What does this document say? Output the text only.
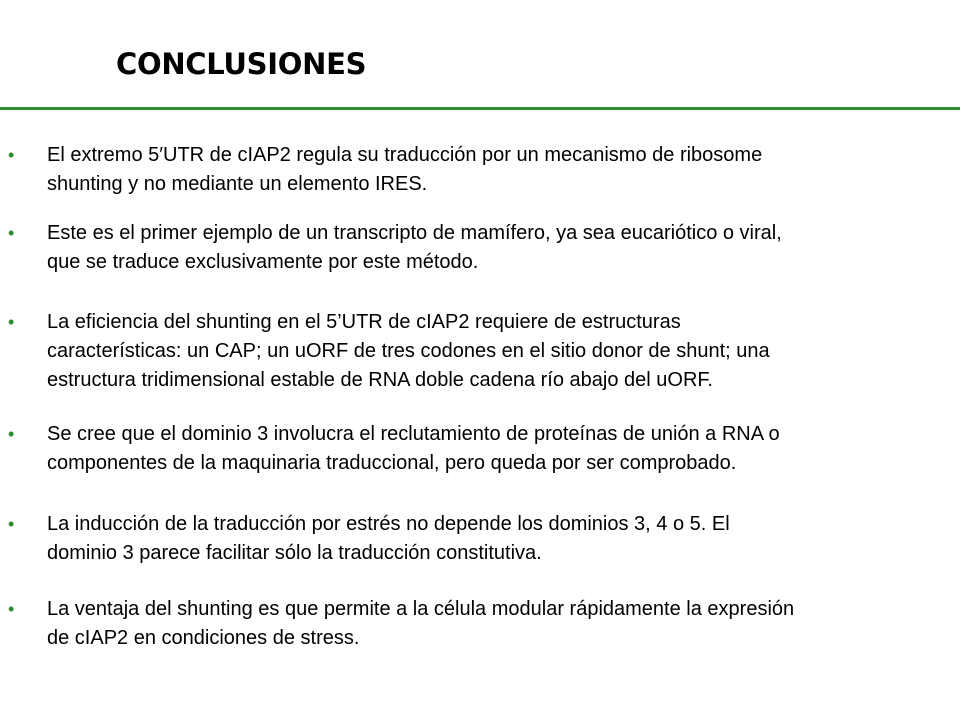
CONCLUSIONES
• El extremo 5′UTR de cIAP2 regula su traducción por un mecanismo de ribosome
shunting y no mediante un elemento IRES.
• Este es el primer ejemplo de un transcripto de mamífero, ya sea eucariótico o viral,
que se traduce exclusivamente por este método.
• La eficiencia del shunting en el 5’UTR de cIAP2 requiere de estructuras
características: un CAP; un uORF de tres codones en el sitio donor de shunt; una
estructura tridimensional estable de RNA doble cadena río abajo del uORF.
• Se cree que el dominio 3 involucra el reclutamiento de proteínas de unión a RNA o
componentes de la maquinaria traduccional, pero queda por ser comprobado.
• La inducción de la traducción por estrés no depende los dominios 3, 4 o 5. El
dominio 3 parece facilitar sólo la traducción constitutiva.
• La ventaja del shunting es que permite a la célula modular rápidamente la expresión
de cIAP2 en condiciones de stress.
